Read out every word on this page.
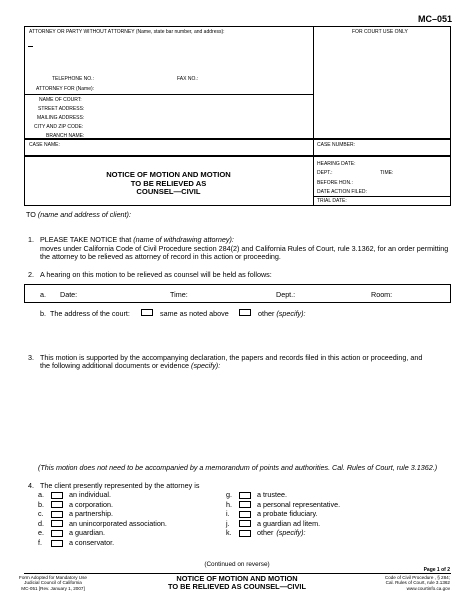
MC–051
ATTORNEY OR PARTY WITHOUT ATTORNEY (Name, state bar number, and address):	FOR COURT USE ONLY
TELEPHONE NO.:	FAX NO.:
ATTORNEY FOR (Name):
NAME OF COURT:
STREET ADDRESS:
MAILING ADDRESS:
CITY AND ZIP CODE:
BRANCH NAME:
CASE NAME:	CASE NUMBER:
NOTICE OF MOTION AND MOTION
TO BE RELIEVED AS
COUNSEL—CIVIL
HEARING DATE:
DEPT.:	TIME:
BEFORE HON.:
DATE ACTION FILED:
TRIAL DATE:
TO (name and address of client):
1. PLEASE TAKE NOTICE that (name of withdrawing attorney):
moves under California Code of Civil Procedure section 284(2) and California Rules of Court, rule 3.1362, for an order permitting
the attorney to be relieved as attorney of record in this action or proceeding.
2. A hearing on this motion to be relieved as counsel will be held as follows:
a. Date:	Time:	Dept.:	Room:
b. The address of the court:	same as noted above	other (specify):
3. This motion is supported by the accompanying declaration, the papers and records filed in this action or proceeding, and
the following additional documents or evidence (specify):
(This motion does not need to be accompanied by a memorandum of points and authorities. Cal. Rules of Court, rule 3.1362.)
4. The client presently represented by the attorney is
a.	an individual.
b.	a corporation.
c.	a partnership.
d.	an unincorporated association.
e.	a guardian.
f.	a conservator.
g.	a trustee.
h.	a personal representative.
i.	a probate fiduciary.
j.	a guardian ad litem.
k.	other (specify):
(Continued on reverse)
Page 1 of 2
Form Adopted for Mandatory Use
Judicial Council of California
MC-051 [Rev. January 1, 2007]
NOTICE OF MOTION AND MOTION
TO BE RELIEVED AS COUNSEL—CIVIL
Code of Civil Procedure , § 284;
Cal. Rules of Court, rule 3.1362
www.courtinfo.ca.gov
